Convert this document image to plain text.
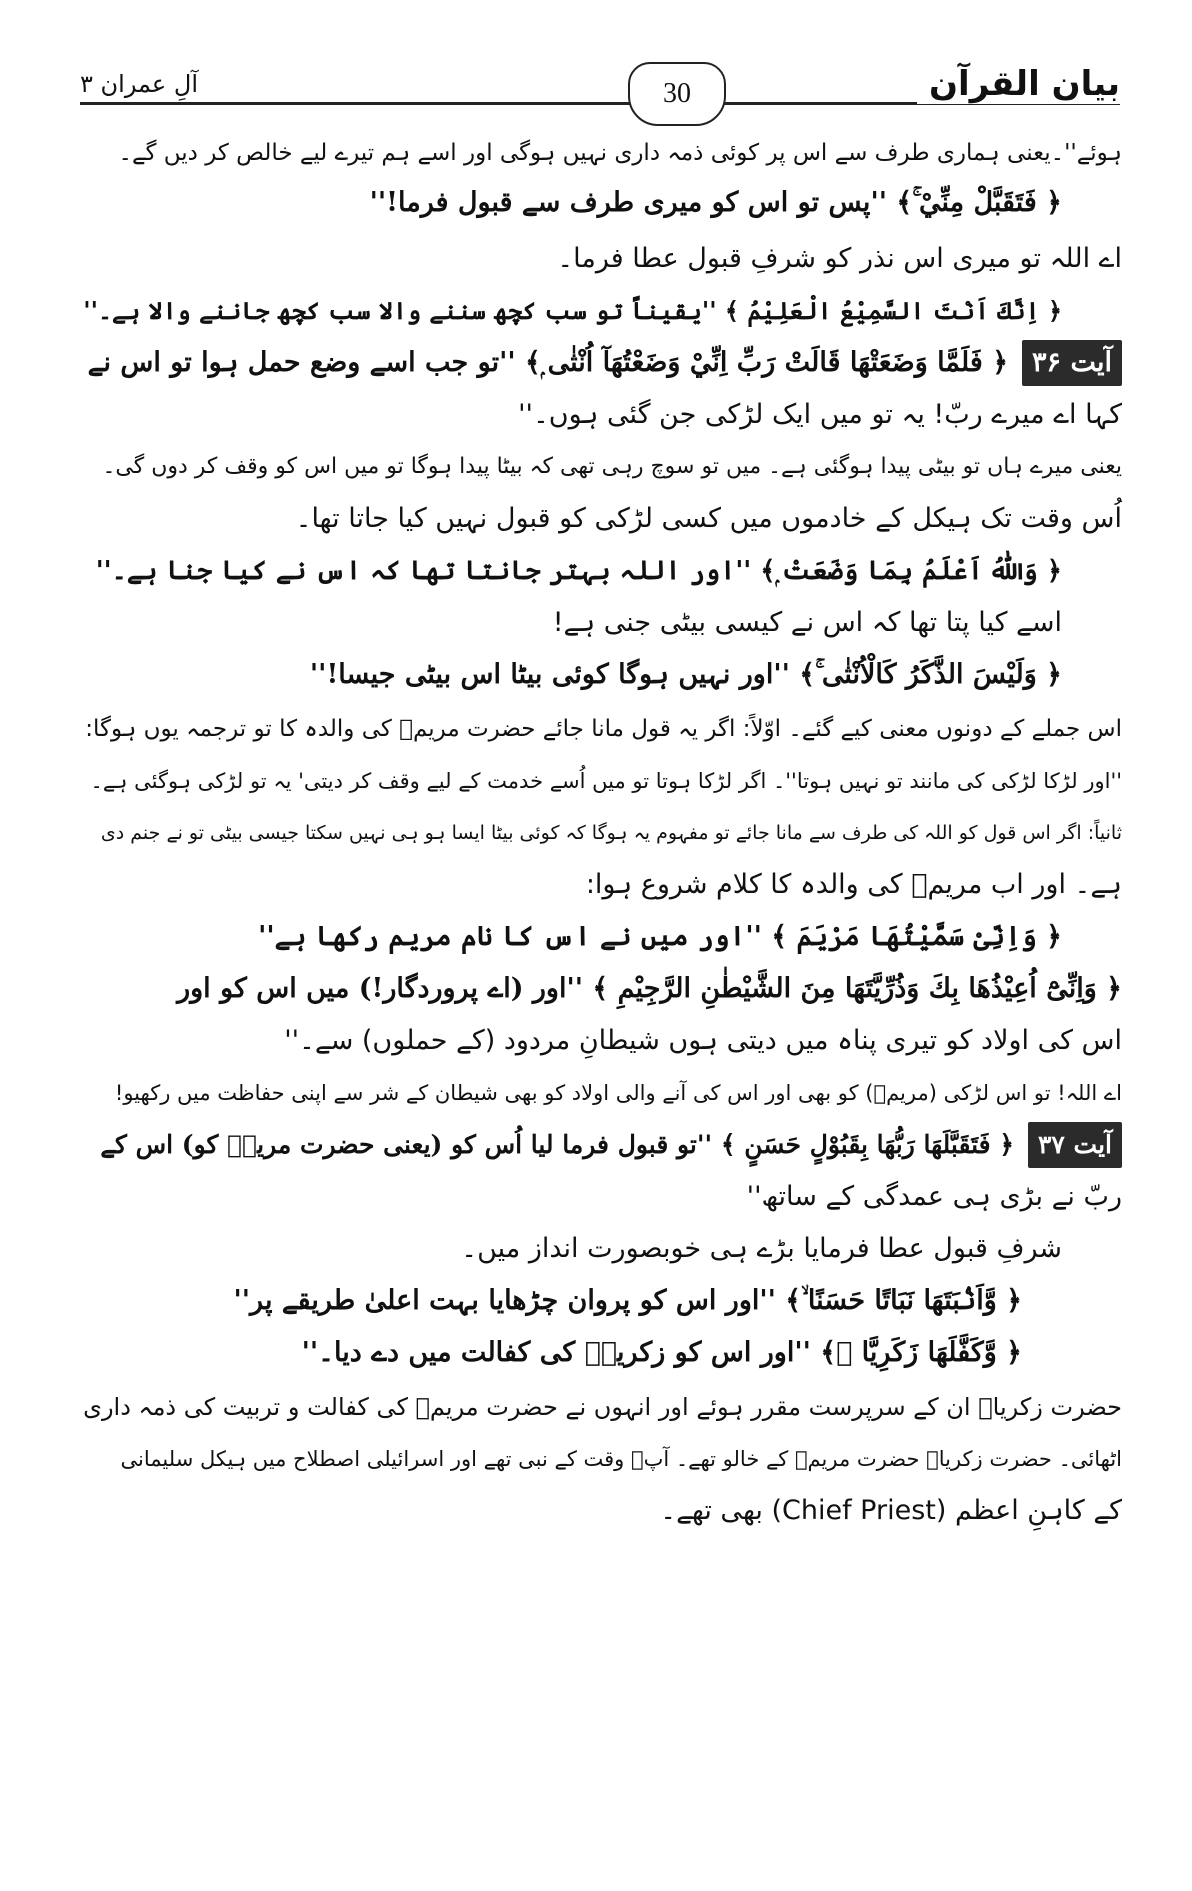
بیان القرآن
آلِ عمران ۳	30
ہوئے''۔یعنی ہماری طرف سے اس پر کوئی ذمہ داری نہیں ہوگی اور اسے ہم تیرے لیے خالص کر دیں گے۔
﴿ فَتَقَبَّلْ مِنِّيْ ۚ﴾ ''پس تو اس کو میری طرف سے قبول فرما!''
اے اللہ تو میری اس نذر کو شرفِ قبول عطا فرما۔
﴿ اِنَّكَ اَنْتَ السَّمِيْعُ الْعَلِيْمُ ﴾ ''یقیناً تو سب کچھ سننے والا سب کچھ جاننے والا ہے۔''
آیت ۳۶﴿ فَلَمَّا وَضَعَتْهَا قَالَتْ رَبِّ اِنِّيْ وَضَعْتُهَآ اُنْثٰى ۭ﴾ ''تو جب اسے وضع حمل ہوا تو اس نے
کہا اے میرے ربّ! یہ تو میں ایک لڑکی جن گئی ہوں۔''
یعنی میرے ہاں تو بیٹی پیدا ہوگئی ہے۔ میں تو سوچ رہی تھی کہ بیٹا پیدا ہوگا تو میں اس کو وقف کر دوں گی۔
اُس وقت تک ہیکل کے خادموں میں کسی لڑکی کو قبول نہیں کیا جاتا تھا۔
﴿ وَاللّٰهُ اَعْلَمُ بِمَا وَضَعَتْ ۭ﴾ ''اور اللہ بہتر جانتا تھا کہ اس نے کیا جنا ہے۔''
اسے کیا پتا تھا کہ اس نے کیسی بیٹی جنی ہے!
﴿ وَلَيْسَ الذَّكَرُ كَالْاُنْثٰى ۚ﴾ ''اور نہیں ہوگا کوئی بیٹا اس بیٹی جیسا!''
اس جملے کے دونوں معنی کیے گئے۔ اوّلاً: اگر یہ قول مانا جائے حضرت مریمؑ کی والدہ کا تو ترجمہ یوں ہوگا:
''اور لڑکا لڑکی کی مانند تو نہیں ہوتا''۔ اگر لڑکا ہوتا تو میں اُسے خدمت کے لیے وقف کر دیتی' یہ تو لڑکی ہوگئی ہے۔
ثانیاً: اگر اس قول کو اللہ کی طرف سے مانا جائے تو مفہوم یہ ہوگا کہ کوئی بیٹا ایسا ہو ہی نہیں سکتا جیسی بیٹی تو نے جنم دی
ہے۔ اور اب مریمؑ کی والدہ کا کلام شروع ہوا:
﴿ وَاِنِّىْ سَمَّيْتُهَا مَرْيَمَ ﴾ ''اور میں نے اس کا نام مریم رکھا ہے''
﴿ وَاِنِّىْٓ اُعِيْذُھَا بِكَ وَذُرِّيَّتَهَا مِنَ الشَّيْطٰنِ الرَّجِيْمِ ﴾ ''اور (اے پروردگار!) میں اس کو اور
اس کی اولاد کو تیری پناہ میں دیتی ہوں شیطانِ مردود (کے حملوں) سے۔''
اے اللہ! تو اس لڑکی (مریمؑ) کو بھی اور اس کی آنے والی اولاد کو بھی شیطان کے شر سے اپنی حفاظت میں رکھیو!
آیت ۳۷﴿ فَتَقَبَّلَهَا رَبُّهَا بِقَبُوْلٍ حَسَنٍ ﴾ ''تو قبول فرما لیا اُس کو (یعنی حضرت مریمؑ کو) اس کے
ربّ نے بڑی ہی عمدگی کے ساتھ''
شرفِ قبول عطا فرمایا بڑے ہی خوبصورت انداز میں۔
﴿ وَّاَنْۢبَتَهَا نَبَاتًا حَسَنًا ۙ﴾ ''اور اس کو پروان چڑھایا بہت اعلیٰ طریقے پر''
﴿ وَّكَفَّلَهَا زَكَرِيَّا ۭ﴾ ''اور اس کو زکریاؑ کی کفالت میں دے دیا۔''
حضرت زکریاؑ ان کے سرپرست مقرر ہوئے اور انہوں نے حضرت مریمؑ کی کفالت و تربیت کی ذمہ داری
اٹھائی۔ حضرت زکریاؑ حضرت مریمؑ کے خالو تھے۔ آپؑ وقت کے نبی تھے اور اسرائیلی اصطلاح میں ہیکل سلیمانی
کے کاہنِ اعظم (Chief Priest) بھی تھے۔
